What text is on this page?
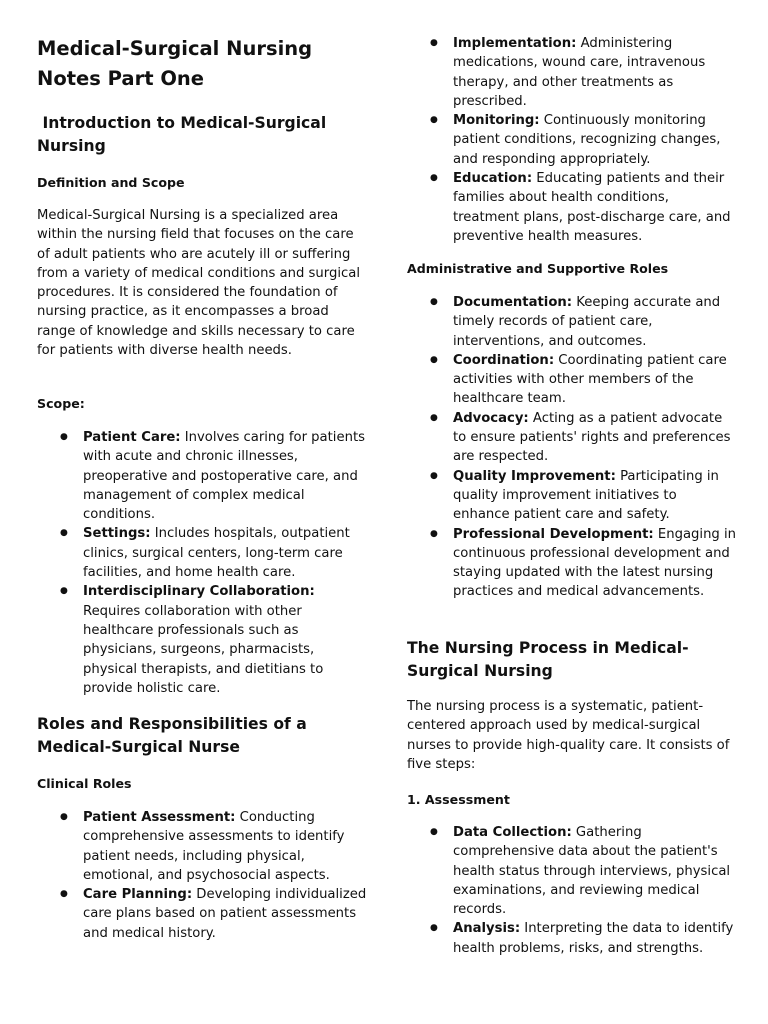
Medical-Surgical Nursing Notes Part One
Introduction to Medical-Surgical Nursing
Definition and Scope
Medical-Surgical Nursing is a specialized area within the nursing field that focuses on the care of adult patients who are acutely ill or suffering from a variety of medical conditions and surgical procedures. It is considered the foundation of nursing practice, as it encompasses a broad range of knowledge and skills necessary to care for patients with diverse health needs.
Scope:
● Patient Care: Involves caring for patients with acute and chronic illnesses, preoperative and postoperative care, and management of complex medical conditions.
● Settings: Includes hospitals, outpatient clinics, surgical centers, long-term care facilities, and home health care.
● Interdisciplinary Collaboration: Requires collaboration with other healthcare professionals such as physicians, surgeons, pharmacists, physical therapists, and dietitians to provide holistic care.
Roles and Responsibilities of a Medical-Surgical Nurse
Clinical Roles
● Patient Assessment: Conducting comprehensive assessments to identify patient needs, including physical, emotional, and psychosocial aspects.
● Care Planning: Developing individualized care plans based on patient assessments and medical history.
● Implementation: Administering medications, wound care, intravenous therapy, and other treatments as prescribed.
● Monitoring: Continuously monitoring patient conditions, recognizing changes, and responding appropriately.
● Education: Educating patients and their families about health conditions, treatment plans, post-discharge care, and preventive health measures.
Administrative and Supportive Roles
● Documentation: Keeping accurate and timely records of patient care, interventions, and outcomes.
● Coordination: Coordinating patient care activities with other members of the healthcare team.
● Advocacy: Acting as a patient advocate to ensure patients' rights and preferences are respected.
● Quality Improvement: Participating in quality improvement initiatives to enhance patient care and safety.
● Professional Development: Engaging in continuous professional development and staying updated with the latest nursing practices and medical advancements.
The Nursing Process in Medical-Surgical Nursing
The nursing process is a systematic, patient-centered approach used by medical-surgical nurses to provide high-quality care. It consists of five steps:
1. Assessment
● Data Collection: Gathering comprehensive data about the patient's health status through interviews, physical examinations, and reviewing medical records.
● Analysis: Interpreting the data to identify health problems, risks, and strengths.
